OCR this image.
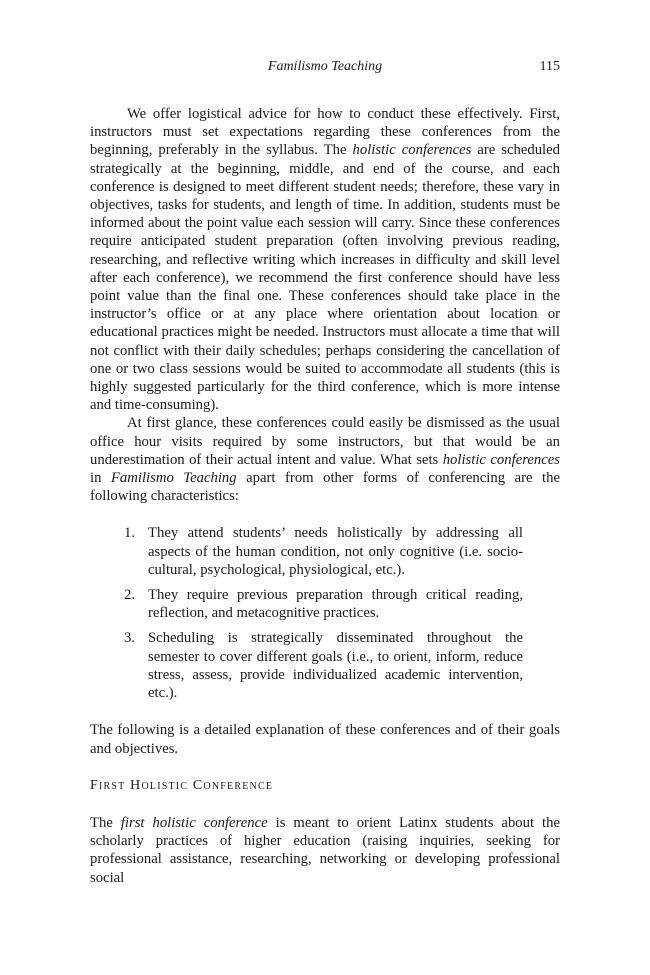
Familismo Teaching	115

We offer logistical advice for how to conduct these effectively. First, instructors must set expectations regarding these conferences from the beginning, preferably in the syllabus. The holistic conferences are scheduled strategically at the beginning, middle, and end of the course, and each conference is designed to meet different student needs; therefore, these vary in objectives, tasks for students, and length of time. In addition, students must be informed about the point value each session will carry. Since these conferences require anticipated student preparation (often involving previous reading, researching, and reflective writing which increases in difficulty and skill level after each conference), we recommend the first conference should have less point value than the final one. These conferences should take place in the instructor’s office or at any place where orientation about location or educational practices might be needed. Instructors must allocate a time that will not conflict with their daily schedules; perhaps considering the cancellation of one or two class sessions would be suited to accommodate all students (this is highly suggested particularly for the third conference, which is more intense and time-consuming).

At first glance, these conferences could easily be dismissed as the usual office hour visits required by some instructors, but that would be an underestimation of their actual intent and value. What sets holistic conferences in Familismo Teaching apart from other forms of conferencing are the following characteristics:

1. They attend students’ needs holistically by addressing all aspects of the human condition, not only cognitive (i.e. socio-cultural, psychological, physiological, etc.).
2. They require previous preparation through critical reading, reflection, and metacognitive practices.
3. Scheduling is strategically disseminated throughout the semester to cover different goals (i.e., to orient, inform, reduce stress, assess, provide individualized academic intervention, etc.).

The following is a detailed explanation of these conferences and of their goals and objectives.

First Holistic Conference

The first holistic conference is meant to orient Latinx students about the scholarly practices of higher education (raising inquiries, seeking for professional assistance, researching, networking or developing professional social
